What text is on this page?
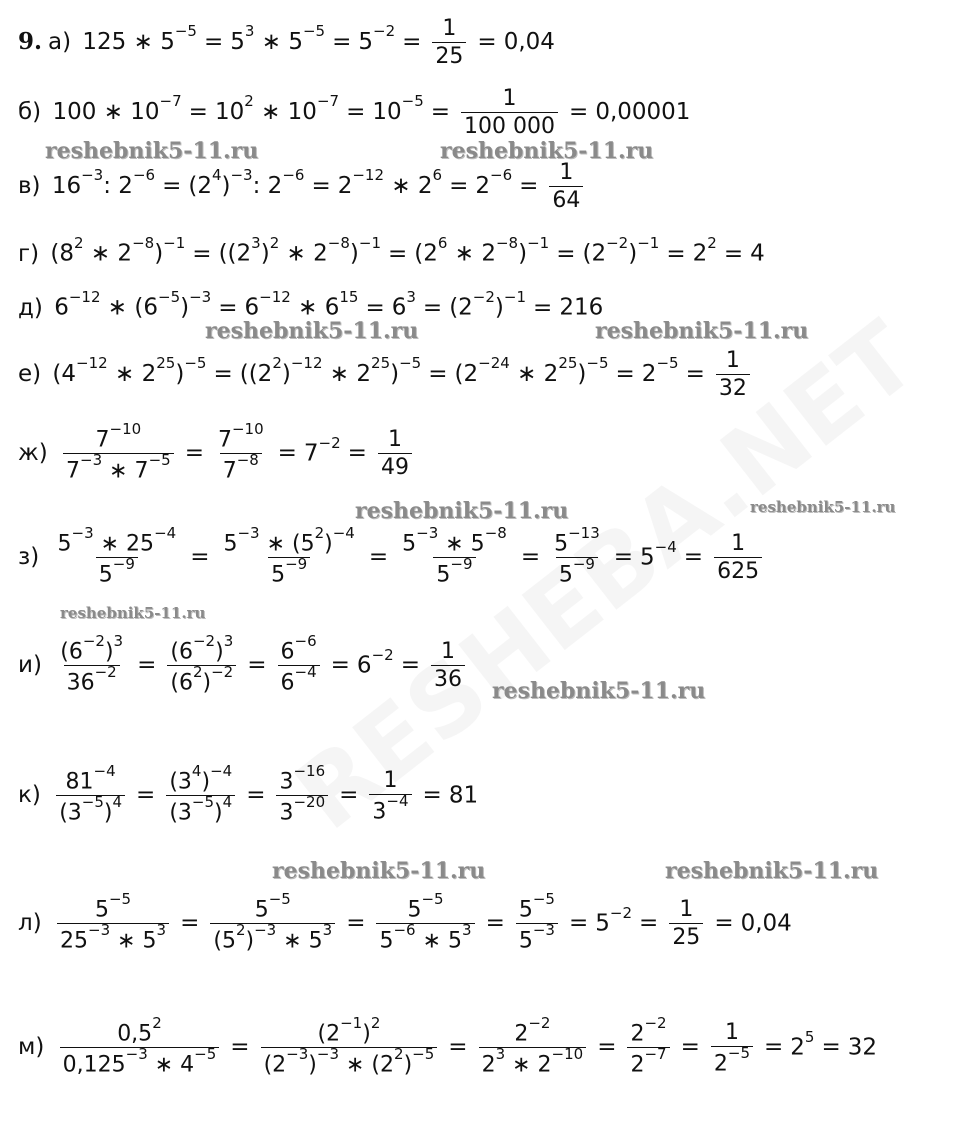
9. а) 125 ∗ $5^{-5} = 5^3$ ∗ $5^{-5} = 5^{-2} = \frac{1}{25} = 0,04$
б) 100 ∗ $10^{-7} = 10^2$ ∗ $10^{-7} = 10^{-5} = \frac{1}{100 000} = 0,00001$
reshebnik5-11.ru	reshebnik5-11.ru
в) $16^{-3}$: $2^{-6} = (2^4)^{-3}$: $2^{-6} = 2^{-12}$ ∗ $2^6 = 2^{-6} = \frac{1}{64}$
г) ($8^2$ ∗ $2^{-8})^{-1} = ((2^3)^2$ ∗ $2^{-8})^{-1} = (2^6$ ∗ $2^{-8})^{-1} = (2^{-2})^{-1} = 2^2 = 4$
д) $6^{-12}$ ∗ $(6^{-5})^{-3} = 6^{-12}$ ∗ $6^{15} = 6^3 = (2^{-2})^{-1} = 216$
reshebnik5-11.ru	reshebnik5-11.ru
е) ($4^{-12}$ ∗ $2^{25})^{-5} = ((2^2)^{-12}$ ∗ $2^{25})^{-5} = (2^{-24}$ ∗ $2^{25})^{-5} = 2^{-5} = \frac{1}{32}$
$ж) \frac{7^{-10}}{7^{-3} ∗ 7^{-5}} = \frac{7^{-10}}{7^{-8}} = 7^{-2} = \frac{1}{49}$
reshebnik5-11.ru	reshebnik5-11.ru
$з) \frac{5^{-3} ∗ 25^{-4}}{5^{-9}} = \frac{5^{-3} ∗ (5^2)^{-4}}{5^{-9}} = \frac{5^{-3} ∗ 5^{-8}}{5^{-9}} = \frac{5^{-13}}{5^{-9}} = 5^{-4} = \frac{1}{625}$
reshebnik5-11.ru
$и) \frac{(6^{-2})^3}{36^{-2}} = \frac{(6^{-2})^3}{(6^2)^{-2}} = \frac{6^{-6}}{6^{-4}} = 6^{-2} = \frac{1}{36}$ reshebnik5-11.ru
$к) \frac{81^{-4}}{(3^{-5})^4} = \frac{(3^4)^{-4}}{(3^{-5})^4} = \frac{3^{-16}}{3^{-20}} = \frac{1}{3^{-4}} = 81$
reshebnik5-11.ru	reshebnik5-11.ru
$л) \frac{5^{-5}}{25^{-3} ∗ 5^3} = \frac{5^{-5}}{(5^2)^{-3} ∗ 5^3} = \frac{5^{-5}}{5^{-6} ∗ 5^3} = \frac{5^{-5}}{5^{-3}} = 5^{-2} = \frac{1}{25} = 0,04$
$м) \frac{0,5^2}{0,125^{-3} ∗ 4^{-5}} = \frac{(2^{-1})^2}{(2^{-3})^{-3} ∗ (2^2)^{-5}} = \frac{2^{-2}}{2^3 ∗ 2^{-10}} = \frac{2^{-2}}{2^{-7}} = \frac{1}{2^{-5}} = 2^5 = 32$
